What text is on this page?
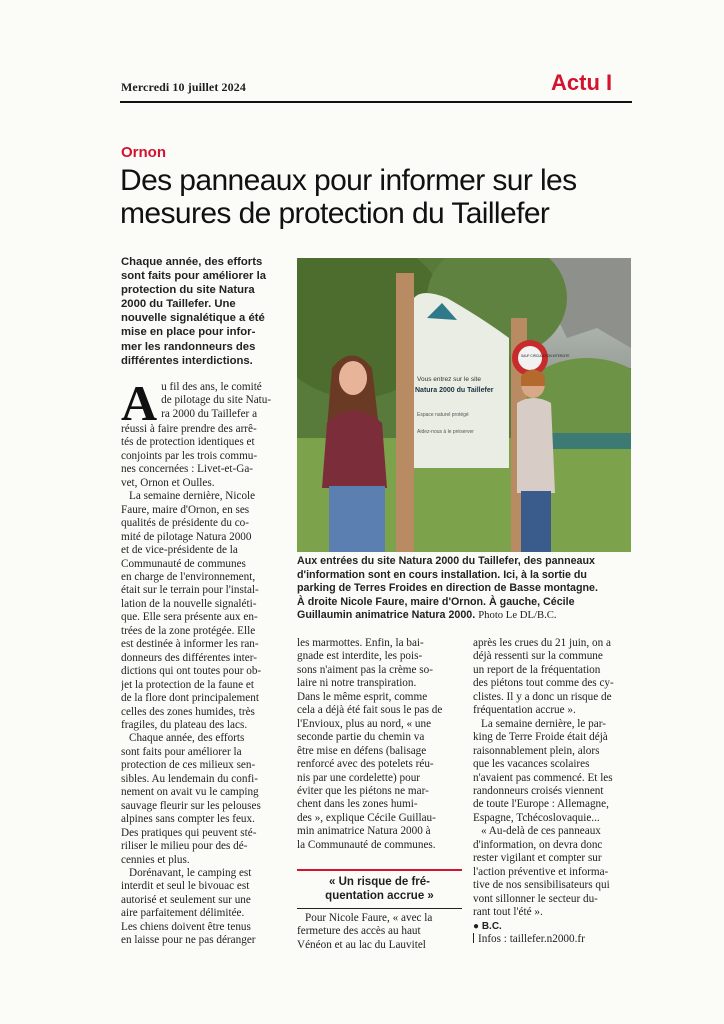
Mercredi 10 juillet 2024	Actu I
Ornon
Des panneaux pour informer sur les
mesures de protection du Taillefer
Chaque année, des efforts
sont faits pour améliorer la
protection du site Natura
2000 du Taillefer. Une
nouvelle signalétique a été
mise en place pour infor-
mer les randonneurs des
différentes interdictions.
A u fil des ans, le comité
de pilotage du site Natu-
ra 2000 du Taillefer a
réussi à faire prendre des arrê-
tés de protection identiques et
conjoints par les trois commu-
nes concernées : Livet-et-Ga-
vet, Ornon et Oulles.
La semaine dernière, Nicole
Faure, maire d'Ornon, en ses
qualités de présidente du co-
mité de pilotage Natura 2000
et de vice-présidente de la
Communauté de communes
en charge de l'environnement,
était sur le terrain pour l'instal-
lation de la nouvelle signaléti-
que. Elle sera présente aux en-
trées de la zone protégée. Elle
est destinée à informer les ran-
donneurs des différentes inter-
dictions qui ont toutes pour ob-
jet la protection de la faune et
de la flore dont principalement
celles des zones humides, très
fragiles, du plateau des lacs.
Chaque année, des efforts
sont faits pour améliorer la
protection de ces milieux sen-
sibles. Au lendemain du confi-
nement on avait vu le camping
sauvage fleurir sur les pelouses
alpines sans compter les feux.
Des pratiques qui peuvent sté-
riliser le milieu pour des dé-
cennies et plus.
Dorénavant, le camping est
interdit et seul le bivouac est
autorisé et seulement sur une
aire parfaitement délimitée.
Les chiens doivent être tenus
en laisse pour ne pas déranger
Vous entrez sur le site
Natura 2000 du Taillefer
Espace naturel protégé
Aidez-nous à le préserver
SAUF CIRCULATION INTERDITE
Aux entrées du site Natura 2000 du Taillefer, des panneaux
d'information sont en cours installation. Ici, à la sortie du
parking de Terres Froides en direction de Basse montagne.
À droite Nicole Faure, maire d'Ornon. À gauche, Cécile
Guillaumin animatrice Natura 2000. Photo Le DL/B.C.
les marmottes. Enfin, la bai-
gnade est interdite, les pois-
sons n'aiment pas la crème so-
laire ni notre transpiration.
Dans le même esprit, comme
cela a déjà été fait sous le pas de
l'Envioux, plus au nord, « une
seconde partie du chemin va
être mise en défens (balisage
renforcé avec des potelets réu-
nis par une cordelette) pour
éviter que les piétons ne mar-
chent dans les zones humi-
des », explique Cécile Guillau-
min animatrice Natura 2000 à
la Communauté de communes.
« Un risque de fré-
quentation accrue »
Pour Nicole Faure, « avec la
fermeture des accès au haut
Vénéon et au lac du Lauvitel
après les crues du 21 juin, on a
déjà ressenti sur la commune
un report de la fréquentation
des piétons tout comme des cy-
clistes. Il y a donc un risque de
fréquentation accrue ».
La semaine dernière, le par-
king de Terre Froide était déjà
raisonnablement plein, alors
que les vacances scolaires
n'avaient pas commencé. Et les
randonneurs croisés viennent
de toute l'Europe : Allemagne,
Espagne, Tchécoslovaquie...
« Au-delà de ces panneaux
d'information, on devra donc
rester vigilant et compter sur
l'action préventive et informa-
tive de nos sensibilisateurs qui
vont sillonner le secteur du-
rant tout l'été ».
● B.C.
Infos : taillefer.n2000.fr
